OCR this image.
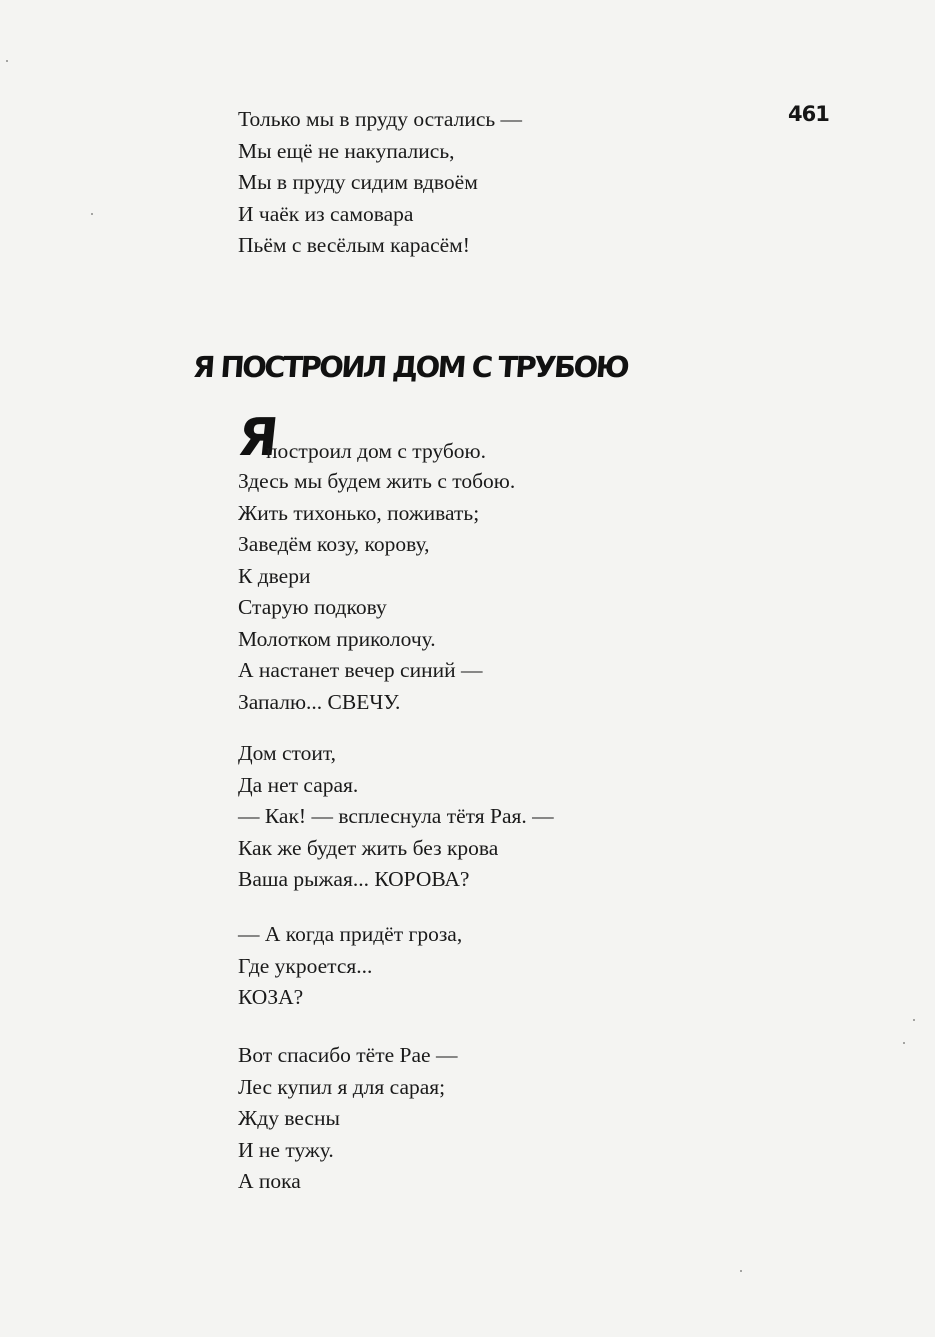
461
Только мы в пруду остались —
Мы ещё не накупались,
Мы в пруду сидим вдвоём
И чаёк из самовара
Пьём с весёлым карасём!
Я ПОСТРОИЛ ДОМ С ТРУБОЮ
Я
построил дом с трубою.
Здесь мы будем жить с тобою.
Жить тихонько, поживать;
Заведём козу, корову,
К двери
Старую подкову
Молотком приколочу.
А настанет вечер синий —
Запалю... СВЕЧУ.
Дом стоит,
Да нет сарая.
— Как! — всплеснула тётя Рая. —
Как же будет жить без крова
Ваша рыжая... КОРОВА?
— А когда придёт гроза,
Где укроется...
КОЗА?
Вот спасибо тёте Рае —
Лес купил я для сарая;
Жду весны
И не тужу.
А пока
